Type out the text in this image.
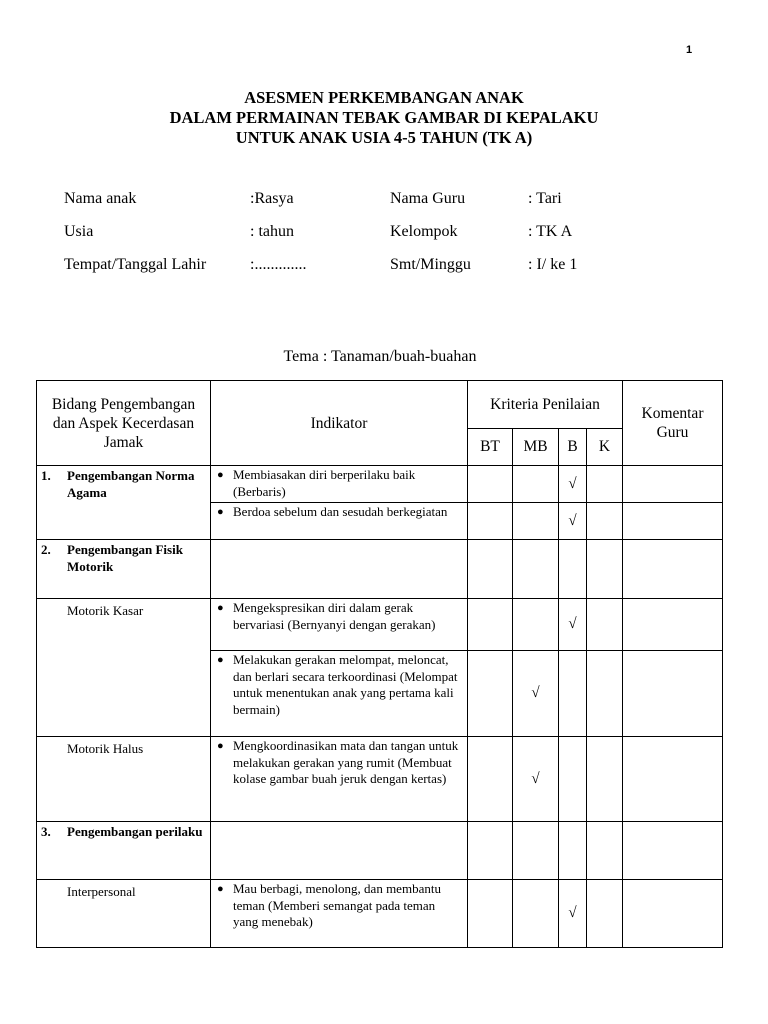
1
ASESMEN PERKEMBANGAN ANAK
DALAM PERMAINAN TEBAK GAMBAR DI KEPALAKU
UNTUK ANAK USIA 4-5 TAHUN (TK A)
Nama anak	:Rasya	Nama Guru	: Tari
Usia	: tahun	Kelompok	: TK A
Tempat/Tanggal Lahir	:.............	Smt/Minggu	: I/ ke 1
Tema : Tanaman/buah-buahan
Bidang Pengembangan dan Aspek Kecerdasan Jamak	Indikator	Kriteria Penilaian				Komentar Guru
		BT	MB	B	K	

1. Pengembangan Norma Agama	● Membiasakan diri berperilaku baik (Berbaris)			√		

	● Berdoa sebelum dan sesudah berkegiatan			√		

2. Pengembangan Fisik Motorik						

Motorik Kasar	● Mengekspresikan diri dalam gerak bervariasi (Bernyanyi dengan gerakan)			√		

	● Melakukan gerakan melompat, meloncat, dan berlari secara terkoordinasi (Melompat untuk menentukan anak yang pertama kali bermain)		√			
Motorik Halus	● Mengkoordinasikan mata dan tangan untuk melakukan gerakan yang rumit (Membuat kolase gambar buah jeruk dengan kertas)		√			

3. Pengembangan perilaku						

Interpersonal	● Mau berbagi, menolong, dan membantu teman (Memberi semangat pada teman yang menebak)			√		
